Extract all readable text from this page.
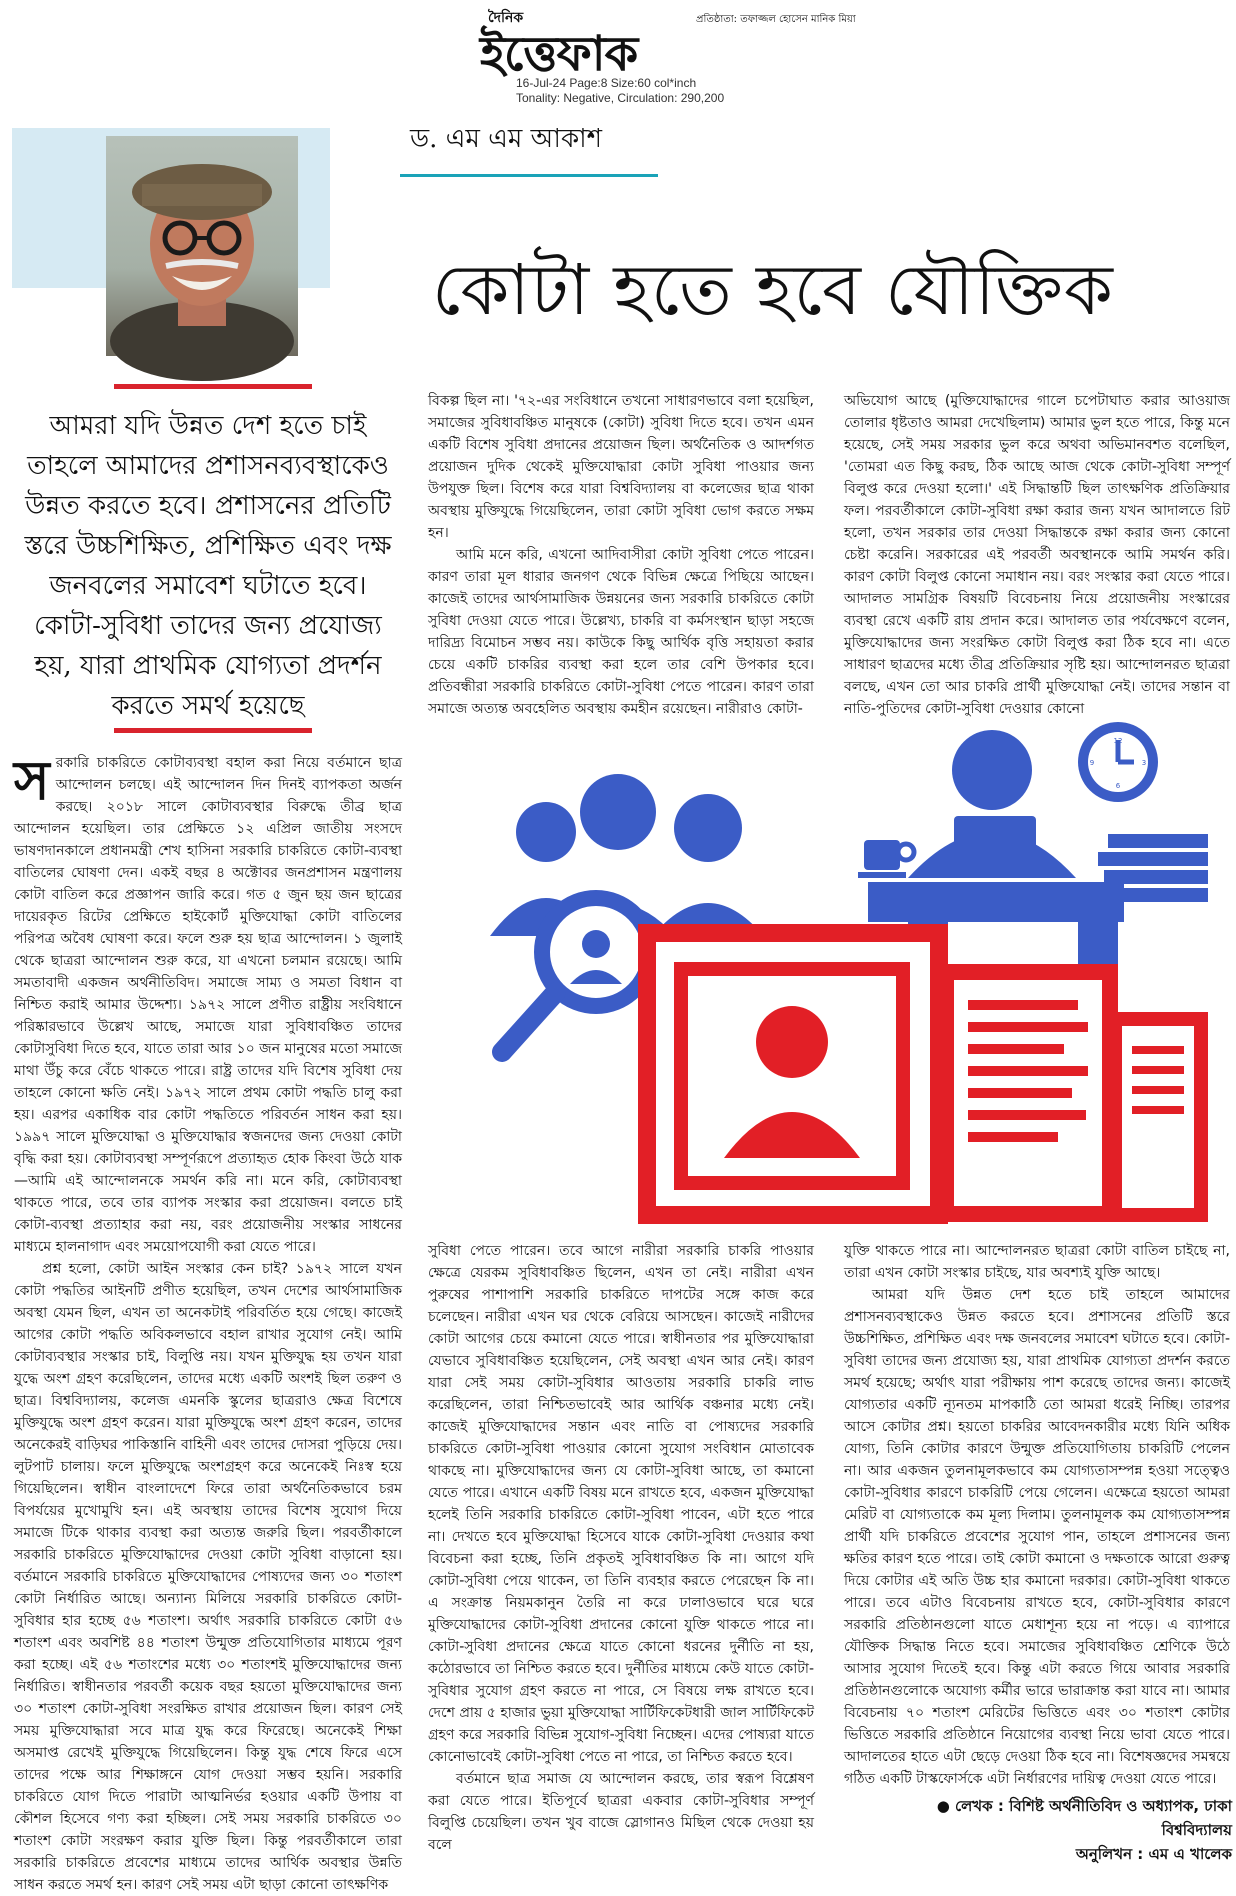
দৈনিক	প্রতিষ্ঠাতা: তফাজ্জল হোসেন মানিক মিয়া
ইত্তেফাক
16-Jul-24 Page:8 Size:60 col*inch
Tonality: Negative, Circulation: 290,200
ড. এম এম আকাশ
কোটা হতে হবে যৌক্তিক
আমরা যদি উন্নত দেশ হতে চাই তাহলে আমাদের প্রশাসনব্যবস্থাকেও উন্নত করতে হবে। প্রশাসনের প্রতিটি স্তরে উচ্চশিক্ষিত, প্রশিক্ষিত এবং দক্ষ জনবলের সমাবেশ ঘটাতে হবে। কোটা-সুবিধা তাদের জন্য প্রযোজ্য হয়, যারা প্রাথমিক যোগ্যতা প্রদর্শন করতে সমর্থ হয়েছে

সরকারি চাকরিতে কোটাব্যবস্থা বহাল করা নিয়ে বর্তমানে ছাত্র আন্দোলন চলছে। এই আন্দোলন দিন দিনই ব্যাপকতা অর্জন করছে। ২০১৮ সালে কোটাব্যবস্থার বিরুদ্ধে তীব্র ছাত্র আন্দোলন হয়েছিল। তার প্রেক্ষিতে ১২ এপ্রিল জাতীয় সংসদে ভাষণদানকালে প্রধানমন্ত্রী শেখ হাসিনা সরকারি চাকরিতে কোটা-ব্যবস্থা বাতিলের ঘোষণা দেন। একই বছর ৪ অক্টোবর জনপ্রশাসন মন্ত্রণালয় কোটা বাতিল করে প্রজ্ঞাপন জারি করে। গত ৫ জুন ছয় জন ছাত্রের দায়েরকৃত রিটের প্রেক্ষিতে হাইকোর্ট মুক্তিযোদ্ধা কোটা বাতিলের পরিপত্র অবৈধ ঘোষণা করে। ফলে শুরু হয় ছাত্র আন্দোলন। ১ জুলাই থেকে ছাত্ররা আন্দোলন শুরু করে, যা এখনো চলমান রয়েছে। আমি সমতাবাদী একজন অর্থনীতিবিদ। সমাজে সাম্য ও সমতা বিধান বা নিশ্চিত করাই আমার উদ্দেশ্য। ১৯৭২ সালে প্রণীত রাষ্ট্রীয় সংবিধানে পরিষ্কারভাবে উল্লেখ আছে, সমাজে যারা সুবিধাবঞ্চিত তাদের কোটাসুবিধা দিতে হবে, যাতে তারা আর ১০ জন মানুষের মতো সমাজে মাথা উঁচু করে বেঁচে থাকতে পারে। রাষ্ট্র তাদের যদি বিশেষ সুবিধা দেয় তাহলে কোনো ক্ষতি নেই। ১৯৭২ সালে প্রথম কোটা পদ্ধতি চালু করা হয়। এরপর একাধিক বার কোটা পদ্ধতিতে পরিবর্তন সাধন করা হয়। ১৯৯৭ সালে মুক্তিযোদ্ধা ও মুক্তিযোদ্ধার স্বজনদের জন্য দেওয়া কোটা বৃদ্ধি করা হয়। কোটাব্যবস্থা সম্পূর্ণরূপে প্রত্যাহৃত হোক কিংবা উঠে যাক—আমি এই আন্দোলনকে সমর্থন করি না। মনে করি, কোটাব্যবস্থা থাকতে পারে, তবে তার ব্যাপক সংস্কার করা প্রয়োজন। বলতে চাই কোটা-ব্যবস্থা প্রত্যাহার করা নয়, বরং প্রয়োজনীয় সংস্কার সাধনের মাধ্যমে হালনাগাদ এবং সময়োপযোগী করা যেতে পারে।

প্রশ্ন হলো, কোটা আইন সংস্কার কেন চাই? ১৯৭২ সালে যখন কোটা পদ্ধতির আইনটি প্রণীত হয়েছিল, তখন দেশের আর্থসামাজিক অবস্থা যেমন ছিল, এখন তা অনেকটাই পরিবর্তিত হয়ে গেছে। কাজেই আগের কোটা পদ্ধতি অবিকলভাবে বহাল রাখার সুযোগ নেই। আমি কোটাব্যবস্থার সংস্কার চাই, বিলুপ্তি নয়। যখন মুক্তিযুদ্ধ হয় তখন যারা যুদ্ধে অংশ গ্রহণ করেছিলেন, তাদের মধ্যে একটি অংশই ছিল তরুণ ও ছাত্র। বিশ্ববিদ্যালয়, কলেজ এমনকি স্কুলের ছাত্ররাও ক্ষেত্র বিশেষে মুক্তিযুদ্ধে অংশ গ্রহণ করেন। যারা মুক্তিযুদ্ধে অংশ গ্রহণ করেন, তাদের অনেকেরই বাড়িঘর পাকিস্তানি বাহিনী এবং তাদের দোসরা পুড়িয়ে দেয়। লুটপাট চালায়। ফলে মুক্তিযুদ্ধে অংশগ্রহণ করে অনেকেই নিঃস্ব হয়ে গিয়েছিলেন। স্বাধীন বাংলাদেশে ফিরে তারা অর্থনৈতিকভাবে চরম বিপর্যয়ের মুখোমুখি হন। এই অবস্থায় তাদের বিশেষ সুযোগ দিয়ে সমাজে টিকে থাকার ব্যবস্থা করা অত্যন্ত জরুরি ছিল। পরবর্তীকালে সরকারি চাকরিতে মুক্তিযোদ্ধাদের দেওয়া কোটা সুবিধা বাড়ানো হয়। বর্তমানে সরকারি চাকরিতে মুক্তিযোদ্ধাদের পোষ্যদের জন্য ৩০ শতাংশ কোটা নির্ধারিত আছে। অন্যান্য মিলিয়ে সরকারি চাকরিতে কোটা-সুবিধার হার হচ্ছে ৫৬ শতাংশ। অর্থাৎ সরকারি চাকরিতে কোটা ৫৬ শতাংশ এবং অবশিষ্ট ৪৪ শতাংশ উন্মুক্ত প্রতিযোগিতার মাধ্যমে পূরণ করা হচ্ছে। এই ৫৬ শতাংশের মধ্যে ৩০ শতাংশই মুক্তিযোদ্ধাদের জন্য নির্ধারিত। স্বাধীনতার পরবর্তী কয়েক বছর হয়তো মুক্তিযোদ্ধাদের জন্য ৩০ শতাংশ কোটা-সুবিধা সংরক্ষিত রাখার প্রয়োজন ছিল। কারণ সেই সময় মুক্তিযোদ্ধারা সবে মাত্র যুদ্ধ করে ফিরেছে। অনেকেই শিক্ষা অসমাপ্ত রেখেই মুক্তিযুদ্ধে গিয়েছিলেন। কিন্তু যুদ্ধ শেষে ফিরে এসে তাদের পক্ষে আর শিক্ষাঙ্গনে যোগ দেওয়া সম্ভব হয়নি। সরকারি চাকরিতে যোগ দিতে পারাটা আত্মনির্ভর হওয়ার একটি উপায় বা কৌশল হিসেবে গণ্য করা হচ্ছিল। সেই সময় সরকারি চাকরিতে ৩০ শতাংশ কোটা সংরক্ষণ করার যুক্তি ছিল। কিন্তু পরবর্তীকালে তারা সরকারি চাকরিতে প্রবেশের মাধ্যমে তাদের আর্থিক অবস্থার উন্নতি সাধন করতে সমর্থ হন। কারণ সেই সময় এটা ছাড়া কোনো তাৎক্ষণিক

বিকল্প ছিল না। '৭২-এর সংবিধানে তখনো সাধারণভাবে বলা হয়েছিল, সমাজের সুবিধাবঞ্চিত মানুষকে (কোটা) সুবিধা দিতে হবে। তখন এমন একটি বিশেষ সুবিধা প্রদানের প্রয়োজন ছিল। অর্থনৈতিক ও আদর্শগত প্রয়োজন দুদিক থেকেই মুক্তিযোদ্ধারা কোটা সুবিধা পাওয়ার জন্য উপযুক্ত ছিল। বিশেষ করে যারা বিশ্ববিদ্যালয় বা কলেজের ছাত্র থাকা অবস্থায় মুক্তিযুদ্ধে গিয়েছিলেন, তারা কোটা সুবিধা ভোগ করতে সক্ষম হন।

আমি মনে করি, এখনো আদিবাসীরা কোটা সুবিধা পেতে পারেন। কারণ তারা মূল ধারার জনগণ থেকে বিভিন্ন ক্ষেত্রে পিছিয়ে আছেন। কাজেই তাদের আর্থসামাজিক উন্নয়নের জন্য সরকারি চাকরিতে কোটা সুবিধা দেওয়া যেতে পারে। উল্লেখ্য, চাকরি বা কর্মসংস্থান ছাড়া সহজে দারিদ্র্য বিমোচন সম্ভব নয়। কাউকে কিছু আর্থিক বৃত্তি সহায়তা করার চেয়ে একটি চাকরির ব্যবস্থা করা হলে তার বেশি উপকার হবে। প্রতিবন্ধীরা সরকারি চাকরিতে কোটা-সুবিধা পেতে পারেন। কারণ তারা সমাজে অত্যন্ত অবহেলিত অবস্থায় কমহীন রয়েছেন। নারীরাও কোটা-

অভিযোগ আছে (মুক্তিযোদ্ধাদের গালে চপেটাঘাত করার আওয়াজ তোলার ধৃষ্টতাও আমরা দেখেছিলাম) আমার ভুল হতে পারে, কিন্তু মনে হয়েছে, সেই সময় সরকার ভুল করে অথবা অভিমানবশত বলেছিল, 'তোমরা এত কিছু করছ, ঠিক আছে আজ থেকে কোটা-সুবিধা সম্পূর্ণ বিলুপ্ত করে দেওয়া হলো।' এই সিদ্ধান্তটি ছিল তাৎক্ষণিক প্রতিক্রিয়ার ফল। পরবর্তীকালে কোটা-সুবিধা রক্ষা করার জন্য যখন আদালতে রিট হলো, তখন সরকার তার দেওয়া সিদ্ধান্তকে রক্ষা করার জন্য কোনো চেষ্টা করেনি। সরকারের এই পরবর্তী অবস্থানকে আমি সমর্থন করি। কারণ কোটা বিলুপ্ত কোনো সমাধান নয়। বরং সংস্কার করা যেতে পারে। আদালত সামগ্রিক বিষয়টি বিবেচনায় নিয়ে প্রয়োজনীয় সংস্কারের ব্যবস্থা রেখে একটি রায় প্রদান করে। আদালত তার পর্যবেক্ষণে বলেন, মুক্তিযোদ্ধাদের জন্য সংরক্ষিত কোটা বিলুপ্ত করা ঠিক হবে না। এতে সাধারণ ছাত্রদের মধ্যে তীব্র প্রতিক্রিয়ার সৃষ্টি হয়। আন্দোলনরত ছাত্ররা বলছে, এখন তো আর চাকরি প্রার্থী মুক্তিযোদ্ধা নেই। তাদের সন্তান বা নাতি-পুতিদের কোটা-সুবিধা দেওয়ার কোনো

12
3
6
9

সুবিধা পেতে পারেন। তবে আগে নারীরা সরকারি চাকরি পাওয়ার ক্ষেত্রে যেরকম সুবিধাবঞ্চিত ছিলেন, এখন তা নেই। নারীরা এখন পুরুষের পাশাপাশি সরকারি চাকরিতে দাপটের সঙ্গে কাজ করে চলেছেন। নারীরা এখন ঘর থেকে বেরিয়ে আসছেন। কাজেই নারীদের কোটা আগের চেয়ে কমানো যেতে পারে। স্বাধীনতার পর মুক্তিযোদ্ধারা যেভাবে সুবিধাবঞ্চিত হয়েছিলেন, সেই অবস্থা এখন আর নেই। কারণ যারা সেই সময় কোটা-সুবিধার আওতায় সরকারি চাকরি লাভ করেছিলেন, তারা নিশ্চিতভাবেই আর আর্থিক বঞ্চনার মধ্যে নেই। কাজেই মুক্তিযোদ্ধাদের সন্তান এবং নাতি বা পোষ্যদের সরকারি চাকরিতে কোটা-সুবিধা পাওয়ার কোনো সুযোগ সংবিধান মোতাবেক থাকছে না। মুক্তিযোদ্ধাদের জন্য যে কোটা-সুবিধা আছে, তা কমানো যেতে পারে। এখানে একটি বিষয় মনে রাখতে হবে, একজন মুক্তিযোদ্ধা হলেই তিনি সরকারি চাকরিতে কোটা-সুবিধা পাবেন, এটা হতে পারে না। দেখতে হবে মুক্তিযোদ্ধা হিসেবে যাকে কোটা-সুবিধা দেওয়ার কথা বিবেচনা করা হচ্ছে, তিনি প্রকৃতই সুবিধাবঞ্চিত কি না। আগে যদি কোটা-সুবিধা পেয়ে থাকেন, তা তিনি ব্যবহার করতে পেরেছেন কি না। এ সংক্রান্ত নিয়মকানুন তৈরি না করে ঢালাওভাবে ঘরে ঘরে মুক্তিযোদ্ধাদের কোটা-সুবিধা প্রদানের কোনো যুক্তি থাকতে পারে না। কোটা-সুবিধা প্রদানের ক্ষেত্রে যাতে কোনো ধরনের দুর্নীতি না হয়, কঠোরভাবে তা নিশ্চিত করতে হবে। দুর্নীতির মাধ্যমে কেউ যাতে কোটা-সুবিধার সুযোগ গ্রহণ করতে না পারে, সে বিষয়ে লক্ষ রাখতে হবে। দেশে প্রায় ৫ হাজার ভুয়া মুক্তিযোদ্ধা সার্টিফিকেটধারী জাল সার্টিফিকেট গ্রহণ করে সরকারি বিভিন্ন সুযোগ-সুবিধা নিচ্ছেন। এদের পোষ্যরা যাতে কোনোভাবেই কোটা-সুবিধা পেতে না পারে, তা নিশ্চিত করতে হবে।

বর্তমানে ছাত্র সমাজ যে আন্দোলন করছে, তার স্বরূপ বিশ্লেষণ করা যেতে পারে। ইতিপূর্বে ছাত্ররা একবার কোটা-সুবিধার সম্পূর্ণ বিলুপ্তি চেয়েছিল। তখন খুব বাজে স্লোগানও মিছিল থেকে দেওয়া হয় বলে

যুক্তি থাকতে পারে না। আন্দোলনরত ছাত্ররা কোটা বাতিল চাইছে না, তারা এখন কোটা সংস্কার চাইছে, যার অবশ্যই যুক্তি আছে।

আমরা যদি উন্নত দেশ হতে চাই তাহলে আমাদের প্রশাসনব্যবস্থাকেও উন্নত করতে হবে। প্রশাসনের প্রতিটি স্তরে উচ্চশিক্ষিত, প্রশিক্ষিত এবং দক্ষ জনবলের সমাবেশ ঘটাতে হবে। কোটা-সুবিধা তাদের জন্য প্রযোজ্য হয়, যারা প্রাথমিক যোগ্যতা প্রদর্শন করতে সমর্থ হয়েছে; অর্থাৎ যারা পরীক্ষায় পাশ করেছে তাদের জন্য। কাজেই যোগ্যতার একটি ন্যূনতম মাপকাঠি তো আমরা ধরেই নিচ্ছি। তারপর আসে কোটার প্রশ্ন। হয়তো চাকরির আবেদনকারীর মধ্যে যিনি অধিক যোগ্য, তিনি কোটার কারণে উন্মুক্ত প্রতিযোগিতায় চাকরিটি পেলেন না। আর একজন তুলনামূলকভাবে কম যোগ্যতাসম্পন্ন হওয়া সত্ত্বেও কোটা-সুবিধার কারণে চাকরিটি পেয়ে গেলেন। এক্ষেত্রে হয়তো আমরা মেরিট বা যোগ্যতাকে কম মূল্য দিলাম। তুলনামূলক কম যোগ্যতাসম্পন্ন প্রার্থী যদি চাকরিতে প্রবেশের সুযোগ পান, তাহলে প্রশাসনের জন্য ক্ষতির কারণ হতে পারে। তাই কোটা কমানো ও দক্ষতাকে আরো গুরুত্ব দিয়ে কোটার এই অতি উচ্চ হার কমানো দরকার। কোটা-সুবিধা থাকতে পারে। তবে এটাও বিবেচনায় রাখতে হবে, কোটা-সুবিধার কারণে সরকারি প্রতিষ্ঠানগুলো যাতে মেধাশূন্য হয়ে না পড়ে। এ ব্যাপারে যৌক্তিক সিদ্ধান্ত নিতে হবে। সমাজের সুবিধাবঞ্চিত শ্রেণিকে উঠে আসার সুযোগ দিতেই হবে। কিন্তু এটা করতে গিয়ে আবার সরকারি প্রতিষ্ঠানগুলোকে অযোগ্য কর্মীর ভারে ভারাক্রান্ত করা যাবে না। আমার বিবেচনায় ৭০ শতাংশ মেরিটের ভিত্তিতে এবং ৩০ শতাংশ কোটার ভিত্তিতে সরকারি প্রতিষ্ঠানে নিয়োগের ব্যবস্থা নিয়ে ভাবা যেতে পারে। আদালতের হাতে এটা ছেড়ে দেওয়া ঠিক হবে না। বিশেষজ্ঞদের সমন্বয়ে গঠিত একটি টাস্কফোর্সকে এটা নির্ধারণের দায়িত্ব দেওয়া যেতে পারে।

● লেখক : বিশিষ্ট অর্থনীতিবিদ ও অধ্যাপক, ঢাকা বিশ্ববিদ্যালয়
অনুলিখন : এম এ খালেক
